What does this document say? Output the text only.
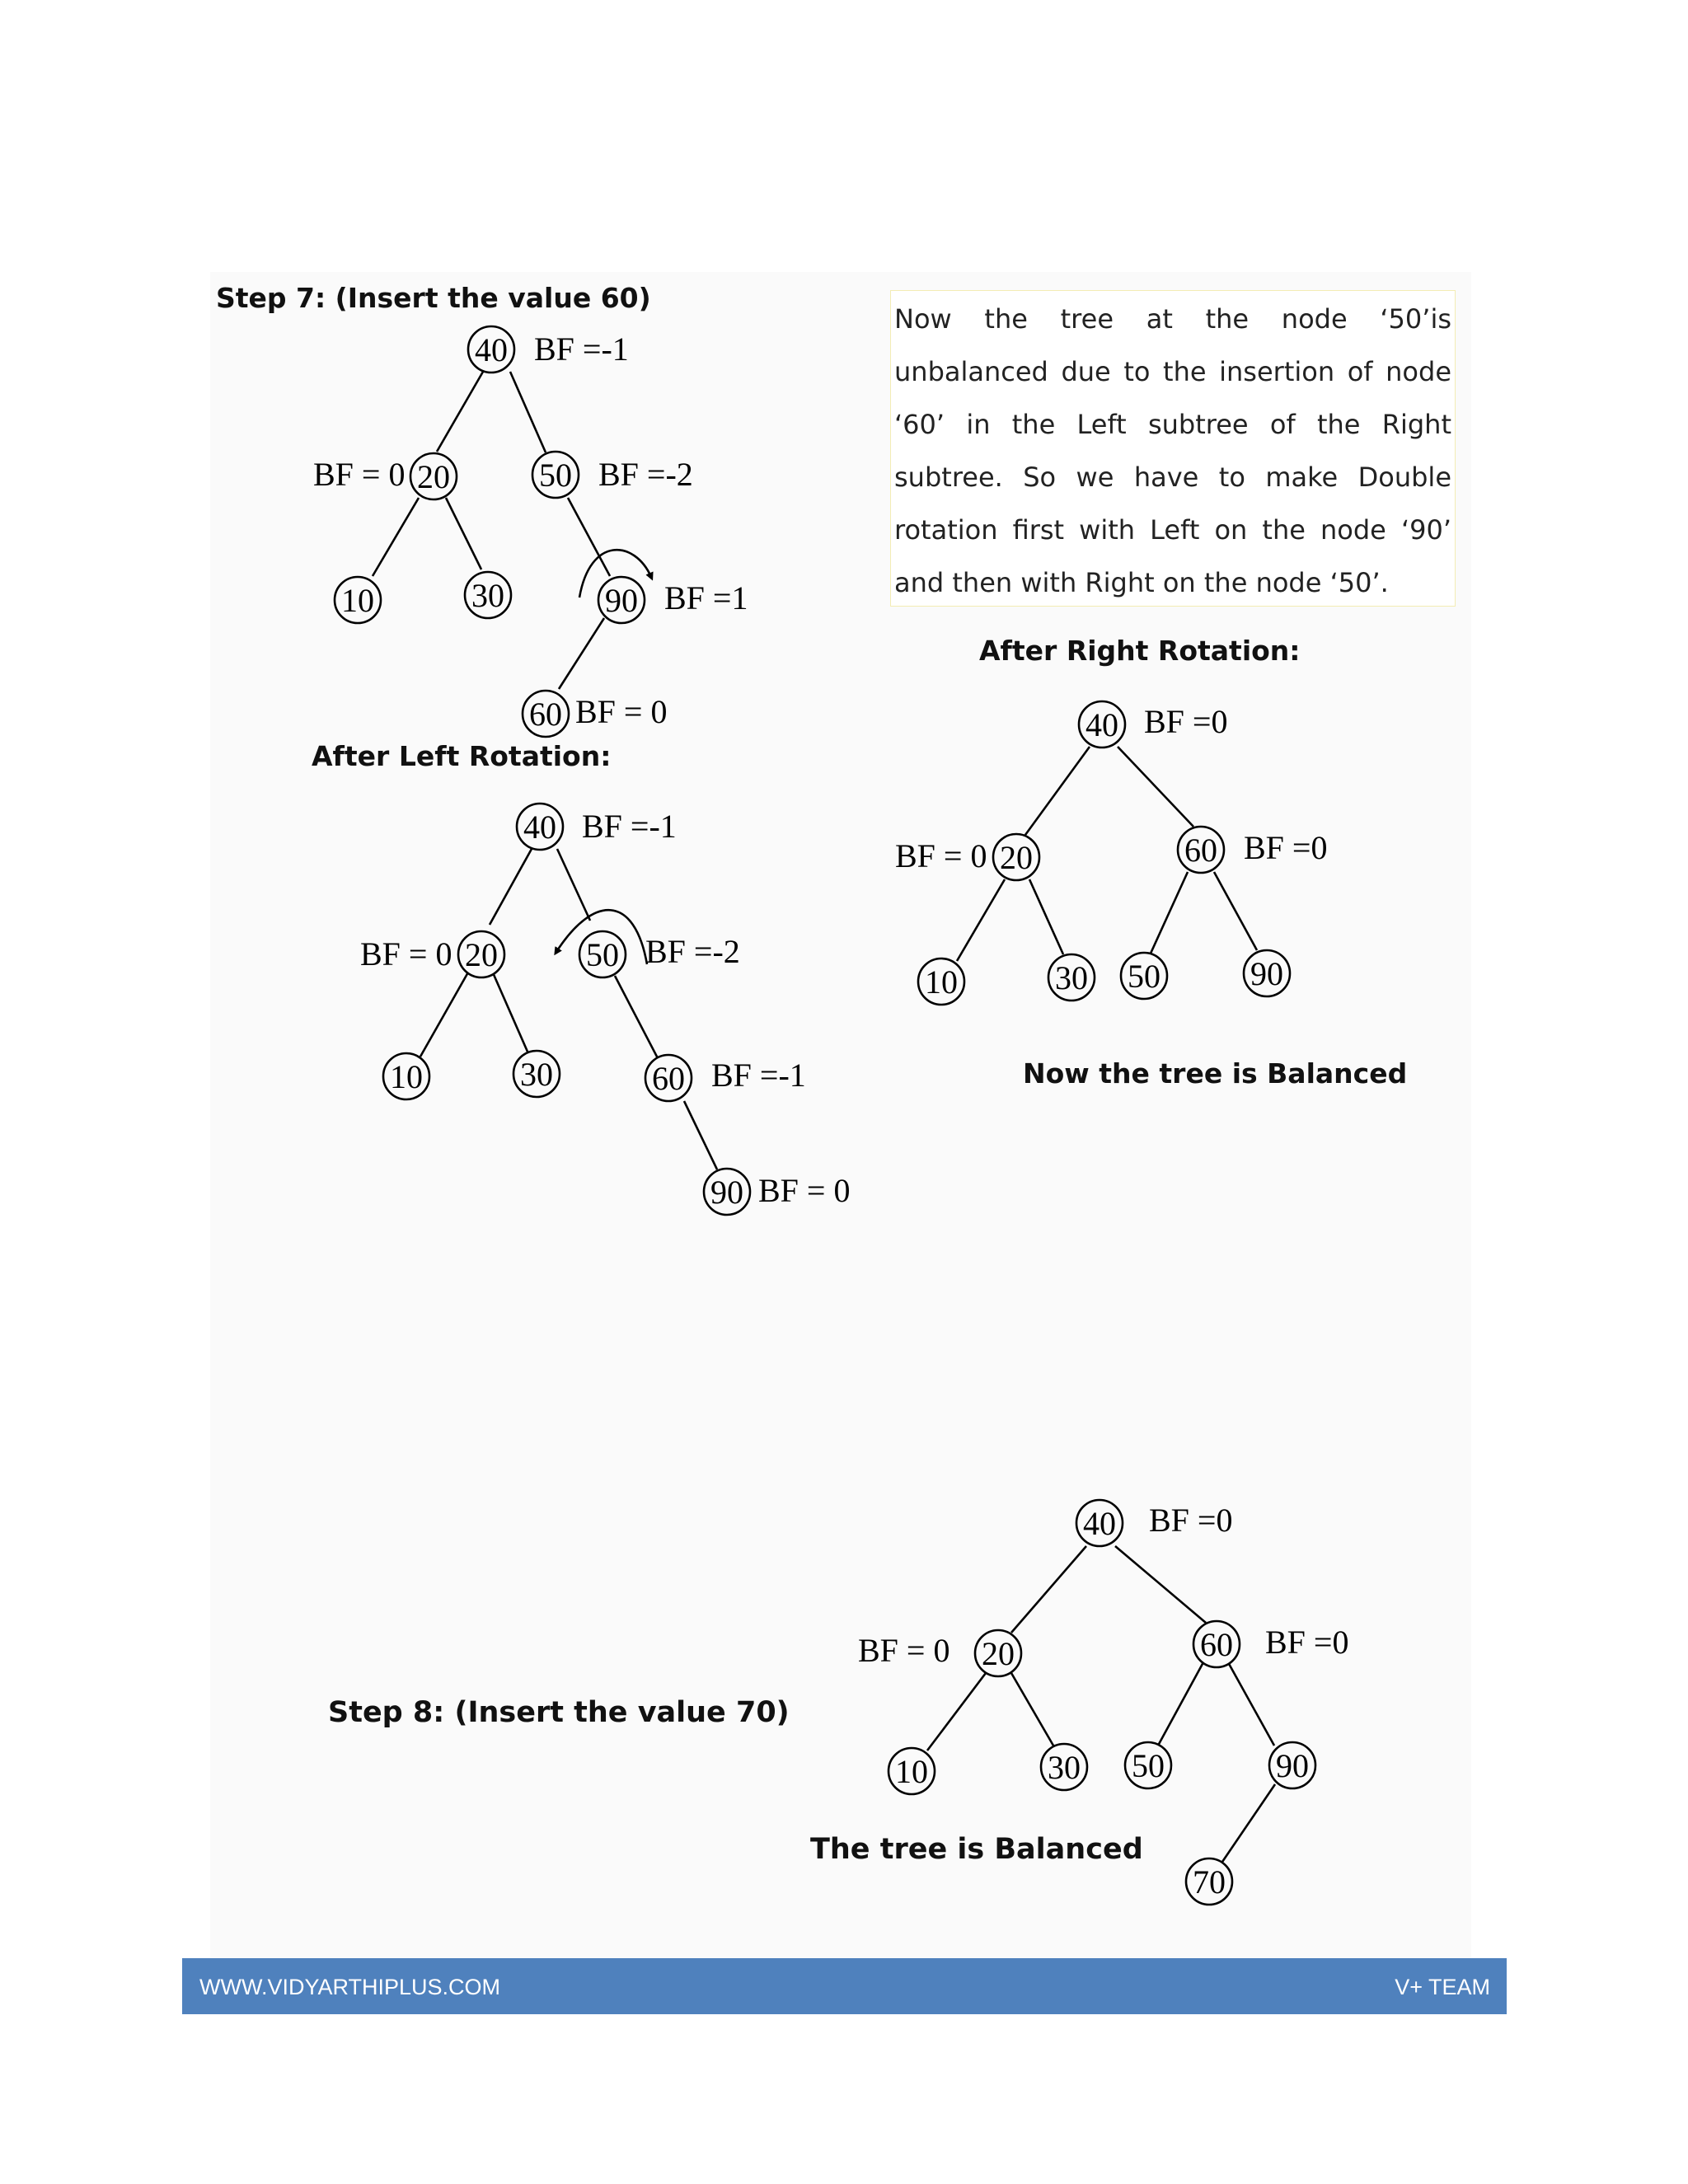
Step 7: (Insert the value 60)
After Left Rotation:
After Right Rotation:
Now the tree is Balanced
Step 8: (Insert the value 70)
The tree is Balanced
Now the tree at the node ‘50’is unbalanced due to the insertion of node ‘60’ in the Left subtree of the Right subtree. So we have to make Double rotation first with Left on the node ‘90’ and then with Right on the node ‘50’.
40
20	50
10	30	90
60
BF =-1
BF = 0	BF =-2
BF =1
BF = 0
40
20	50
10	30	60
90
BF =-1
BF = 0	BF =-2
BF =-1
BF = 0
40
20	60
10	30 50	90
BF =0
BF = 0	BF =0
40
20	60
10	30 50	90
70
BF =0
BF = 0	BF =0
WWW.VIDYARTHIPLUS.COM	V+ TEAM
